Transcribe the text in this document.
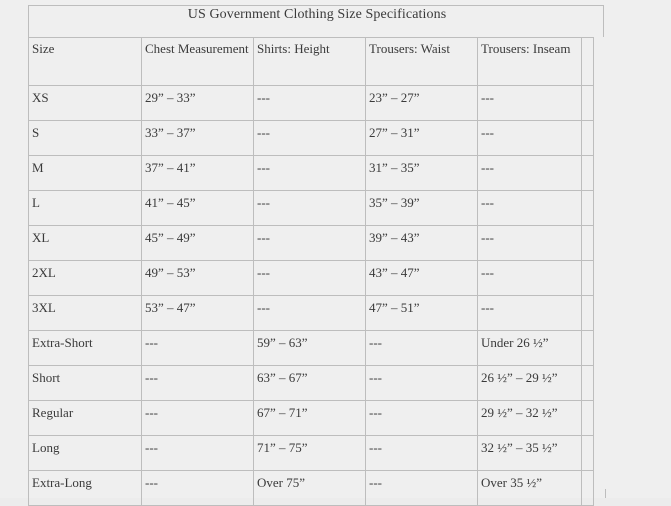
US Government Clothing Size Specifications
Size	Chest Measurement	Shirts: Height	Trousers: Waist	Trousers: Inseam	

XS	29” – 33”	---	23” – 27”	---	
S	33” – 37”	---	27” – 31”	---	
M	37” – 41”	---	31” – 35”	---	
L	41” – 45”	---	35” – 39”	---	
XL	45” – 49”	---	39” – 43”	---	
2XL	49” – 53”	---	43” – 47”	---	
3XL	53” – 47”	---	47” – 51”	---	
Extra-Short	---	59” – 63”	---	Under 26 ½”	
Short	---	63” – 67”	---	26 ½” – 29 ½”	
Regular	---	67” – 71”	---	29 ½” – 32 ½”	
Long	---	71” – 75”	---	32 ½” – 35 ½”	
Extra-Long	---	Over 75”	---	Over 35 ½”	
